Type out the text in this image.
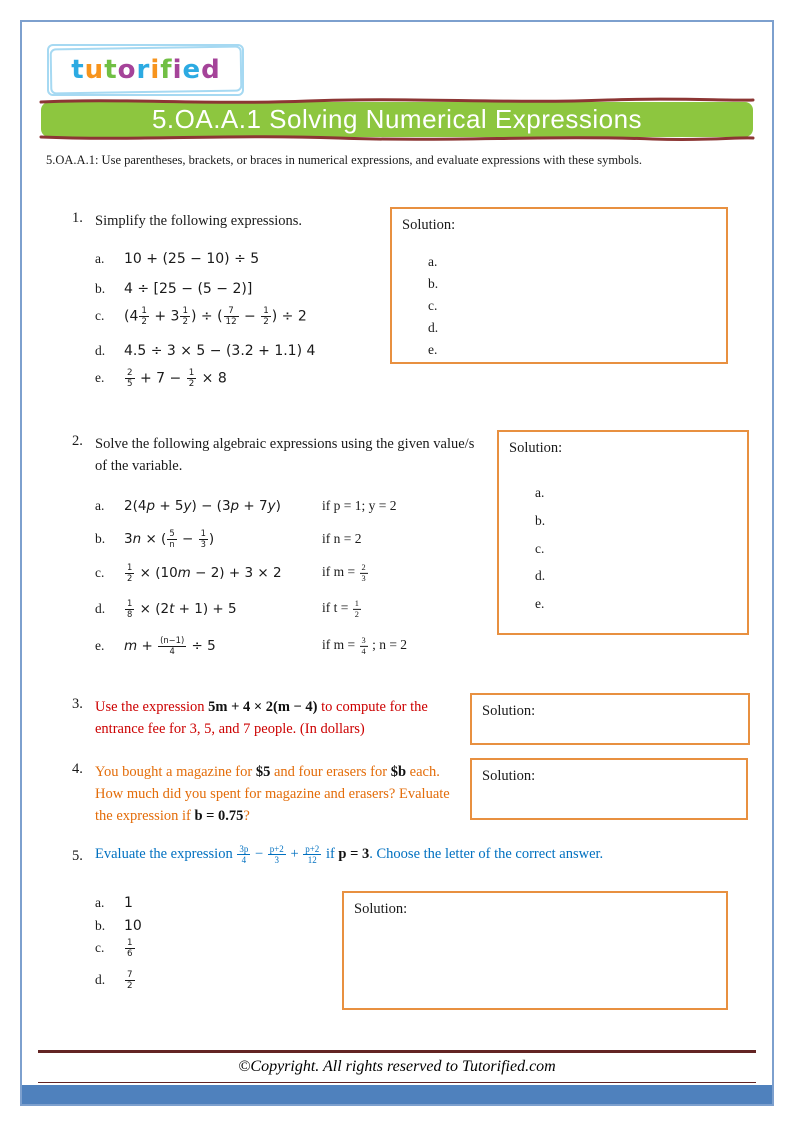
t u t o r i f i e d
5.OA.A.1 Solving Numerical Expressions
5.OA.A.1: Use parentheses, brackets, or braces in numerical expressions, and evaluate expressions with these symbols.
1. Simplify the following expressions.
a. 10 + (25 − 10) ÷ 5
b. 4 ÷ [25 − (5 − 2)]
c. ($4 \frac{1}{2} + 3 \frac{1}{2}$ ) ÷ ( $\frac{7}{12} - \frac{1}{2}$ ) ÷ 2
d. 4.5 ÷ 3 × 5 − (3.2 + 1.1) 4
e. $\frac{2}{5} + 7 - \frac{1}{2} \times 8$
Solution:
a.
b.
c.
d.
e.
2. Solve the following algebraic expressions using the given value/s of the variable.
a. 2(4p + 5y) − (3p + 7y)	if p = 1; y = 2
b. 3n × ( $\frac{5}{n} - \frac{1}{3}$ )	if n = 2
c. $\frac{1}{2} \times (10m - 2) + 3 \times 2$	if $m = \frac{2}{3}$
d. $\frac{1}{8} \times (2t + 1) + 5$	if $t = \frac{1}{2}$
e. $m + \frac{(n-1)}{4} \div 5$	if $m = \frac{3}{4}$ ; n = 2
Solution:
a.
b.
c.
d.
e.
3. Use the expression 5m + 4 × 2(m − 4) to compute for the entrance fee for 3, 5, and 7 people. (In dollars)
Solution:
4. You bought a magazine for $5 and four erasers for $b each. How much did you spent for magazine and erasers? Evaluate the expression if b = 0.75?
Solution:
5. Evaluate the expression $\frac{3p}{4} - \frac{p+2}{3} + \frac{p+2}{12}$ if p = 3. Choose the letter of the correct answer.
a. 1
b. 10
c. $\frac{1}{6}$
d. $\frac{7}{2}$
Solution:
©Copyright. All rights reserved to Tutorified.com
